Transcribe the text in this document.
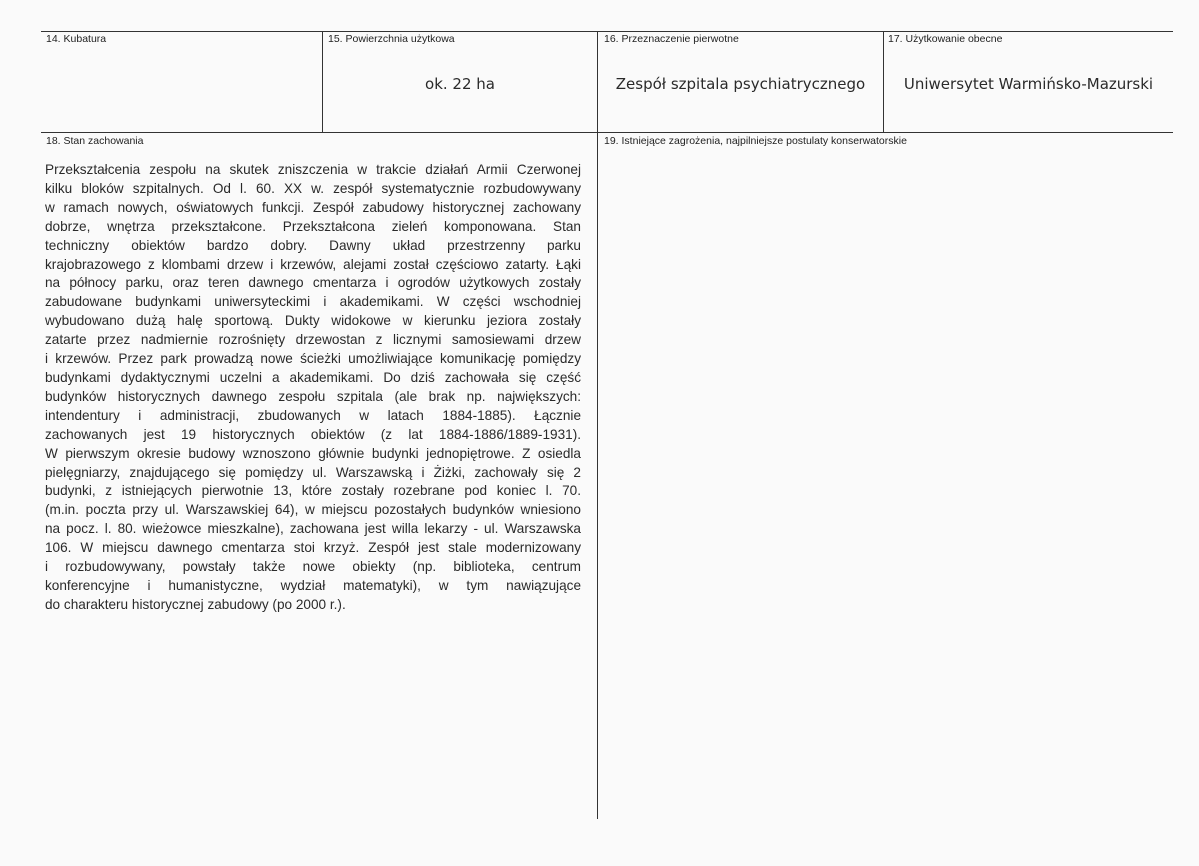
14. Kubatura	15. Powierzchnia użytkowa
ok. 22 ha
16. Przeznaczenie pierwotne
Zespół szpitala psychiatrycznego
17. Użytkowanie obecne
Uniwersytet Warmińsko-Mazurski
18. Stan zachowania
Przekształcenia zespołu na skutek zniszczenia w trakcie działań Armii Czerwonej
kilku bloków szpitalnych. Od l. 60. XX w. zespół systematycznie rozbudowywany
w ramach nowych, oświatowych funkcji. Zespół zabudowy historycznej zachowany
dobrze, wnętrza przekształcone. Przekształcona zieleń komponowana. Stan
techniczny obiektów bardzo dobry. Dawny układ przestrzenny parku
krajobrazowego z klombami drzew i krzewów, alejami został częściowo zatarty. Łąki
na północy parku, oraz teren dawnego cmentarza i ogrodów użytkowych zostały
zabudowane budynkami uniwersyteckimi i akademikami. W części wschodniej
wybudowano dużą halę sportową. Dukty widokowe w kierunku jeziora zostały
zatarte przez nadmiernie rozrośnięty drzewostan z licznymi samosiewami drzew
i krzewów. Przez park prowadzą nowe ścieżki umożliwiające komunikację pomiędzy
budynkami dydaktycznymi uczelni a akademikami. Do dziś zachowała się część
budynków historycznych dawnego zespołu szpitala (ale brak np. największych:
intendentury i administracji, zbudowanych w latach 1884-1885). Łącznie
zachowanych jest 19 historycznych obiektów (z lat 1884-1886/1889-1931).
W pierwszym okresie budowy wznoszono głównie budynki jednopiętrowe. Z osiedla
pielęgniarzy, znajdującego się pomiędzy ul. Warszawską i Żiżki, zachowały się 2
budynki, z istniejących pierwotnie 13, które zostały rozebrane pod koniec l. 70.
(m.in. poczta przy ul. Warszawskiej 64), w miejscu pozostałych budynków wniesiono
na pocz. l. 80. wieżowce mieszkalne), zachowana jest willa lekarzy - ul. Warszawska
106. W miejscu dawnego cmentarza stoi krzyż. Zespół jest stale modernizowany
i rozbudowywany, powstały także nowe obiekty (np. biblioteka, centrum
konferencyjne i humanistyczne, wydział matematyki), w tym nawiązujące
do charakteru historycznej zabudowy (po 2000 r.).
19. Istniejące zagrożenia, najpilniejsze postulaty konserwatorskie
